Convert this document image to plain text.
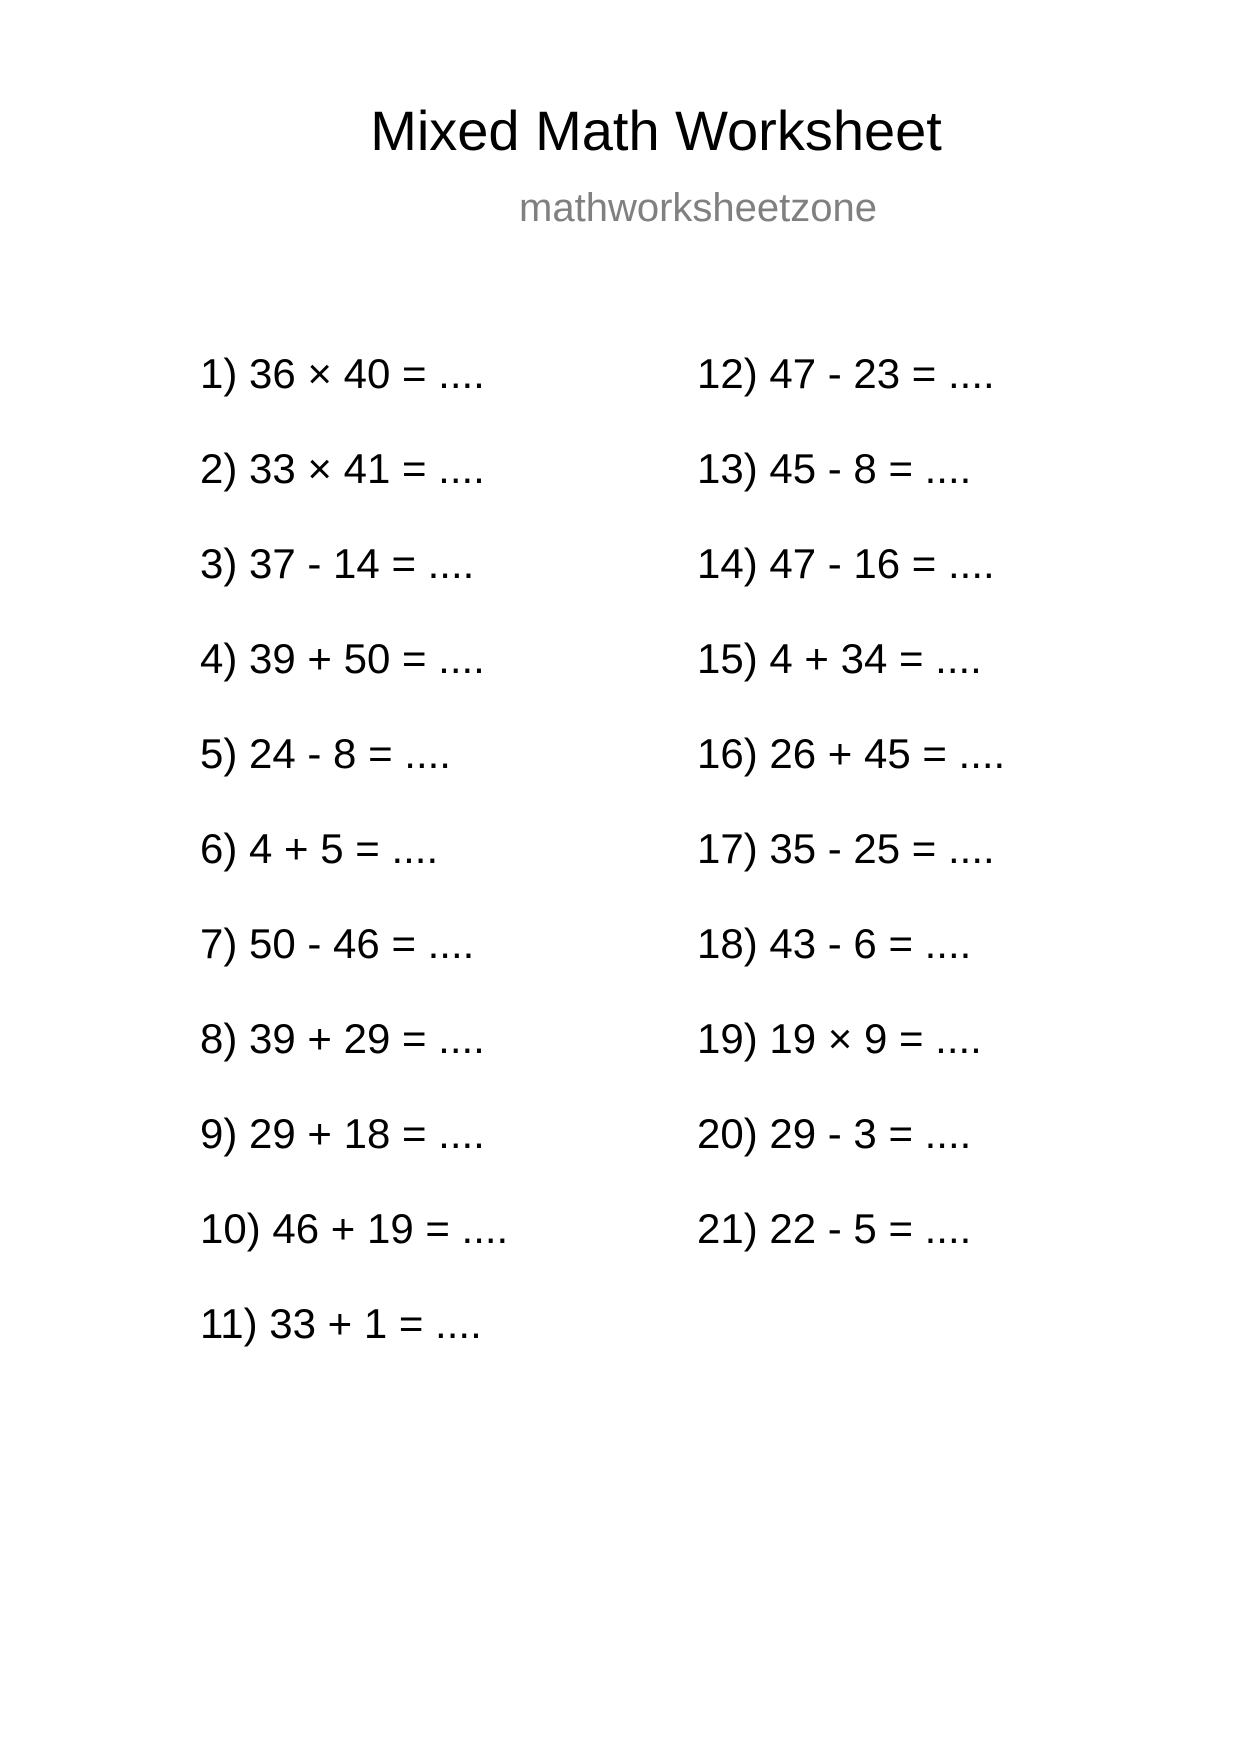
Mixed Math Worksheet
mathworksheetzone
1) 36 × 40 = ....
2) 33 × 41 = ....
3) 37 - 14 = ....
4) 39 + 50 = ....
5) 24 - 8 = ....
6) 4 + 5 = ....
7) 50 - 46 = ....
8) 39 + 29 = ....
9) 29 + 18 = ....
10) 46 + 19 = ....
11) 33 + 1 = ....
12) 47 - 23 = ....
13) 45 - 8 = ....
14) 47 - 16 = ....
15) 4 + 34 = ....
16) 26 + 45 = ....
17) 35 - 25 = ....
18) 43 - 6 = ....
19) 19 × 9 = ....
20) 29 - 3 = ....
21) 22 - 5 = ....
